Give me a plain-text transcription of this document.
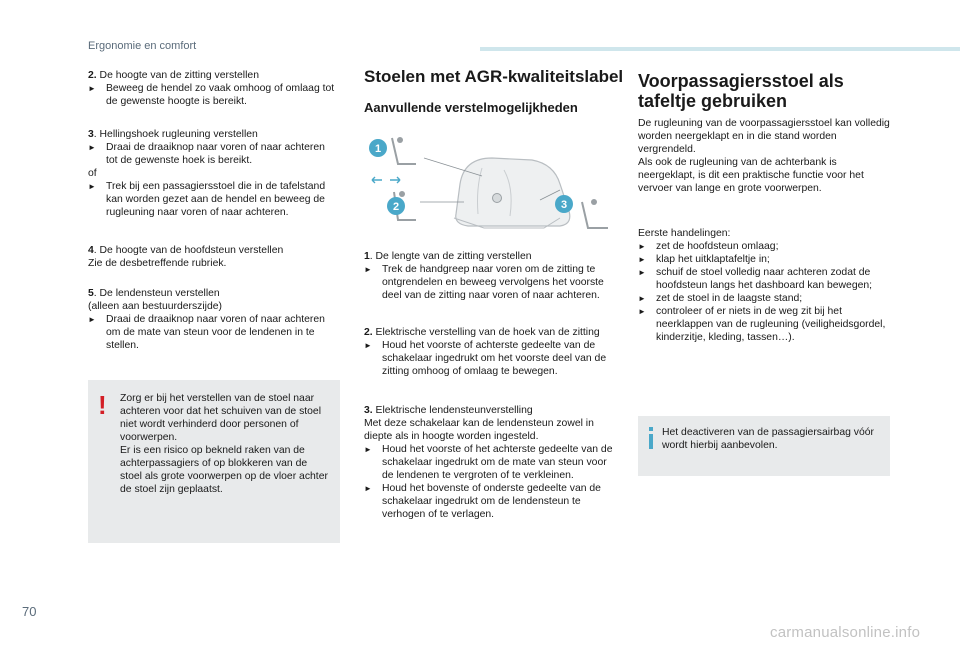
Ergonomie en comfort

2. De hoogte van de zitting verstellen

► Beweeg de hendel zo vaak omhoog of omlaag tot de gewenste hoogte is bereikt.

3. Hellingshoek rugleuning verstellen

► Draai de draaiknop naar voren of naar achteren tot de gewenste hoek is bereikt.

of

► Trek bij een passagiersstoel die in de tafelstand kan worden gezet aan de hendel en beweeg de rugleuning naar voren of naar achteren.

4. De hoogte van de hoofdsteun verstellen

Zie de desbetreffende rubriek.

5. De lendensteun verstellen

(alleen aan bestuurderszijde)

► Draai de draaiknop naar voren of naar achteren om de mate van steun voor de lendenen in te stellen.

! Zorg er bij het verstellen van de stoel naar achteren voor dat het schuiven van de stoel niet wordt verhinderd door personen of voorwerpen.

Er is een risico op bekneld raken van de achterpassagiers of op blokkeren van de stoel als grote voorwerpen op de vloer achter de stoel zijn geplaatst.

Stoelen met AGR-kwaliteitslabel
Aanvullende verstelmogelijkheden
1
2	3

1. De lengte van de zitting verstellen

► Trek de handgreep naar voren om de zitting te ontgrendelen en beweeg vervolgens het voorste deel van de zitting naar voren of naar achteren.

2. Elektrische verstelling van de hoek van de zitting

► Houd het voorste of achterste gedeelte van de schakelaar ingedrukt om het voorste deel van de zitting omhoog of omlaag te bewegen.

3. Elektrische lendensteunverstelling

Met deze schakelaar kan de lendensteun zowel in diepte als in hoogte worden ingesteld.

► Houd het voorste of het achterste gedeelte van de schakelaar ingedrukt om de mate van steun voor de lendenen te vergroten of te verkleinen.

► Houd het bovenste of onderste gedeelte van de schakelaar ingedrukt om de lendensteun te verhogen of te verlagen.

Voorpassagiersstoel als
tafeltje gebruiken

De rugleuning van de voorpassagiersstoel kan volledig worden neergeklapt en in die stand worden vergrendeld.

Als ook de rugleuning van de achterbank is neergeklapt, is dit een praktische functie voor het vervoer van lange en grote voorwerpen.

Eerste handelingen:

► zet de hoofdsteun omlaag;

► klap het uitklaptafeltje in;

► schuif de stoel volledig naar achteren zodat de hoofdsteun langs het dashboard kan bewegen;

► zet de stoel in de laagste stand;

► controleer of er niets in de weg zit bij het neerklappen van de rugleuning (veiligheidsgordel, kinderzitje, kleding, tassen…).

Het deactiveren van de passagiersairbag vóór wordt hierbij aanbevolen.
70
carmanualsonline.info
